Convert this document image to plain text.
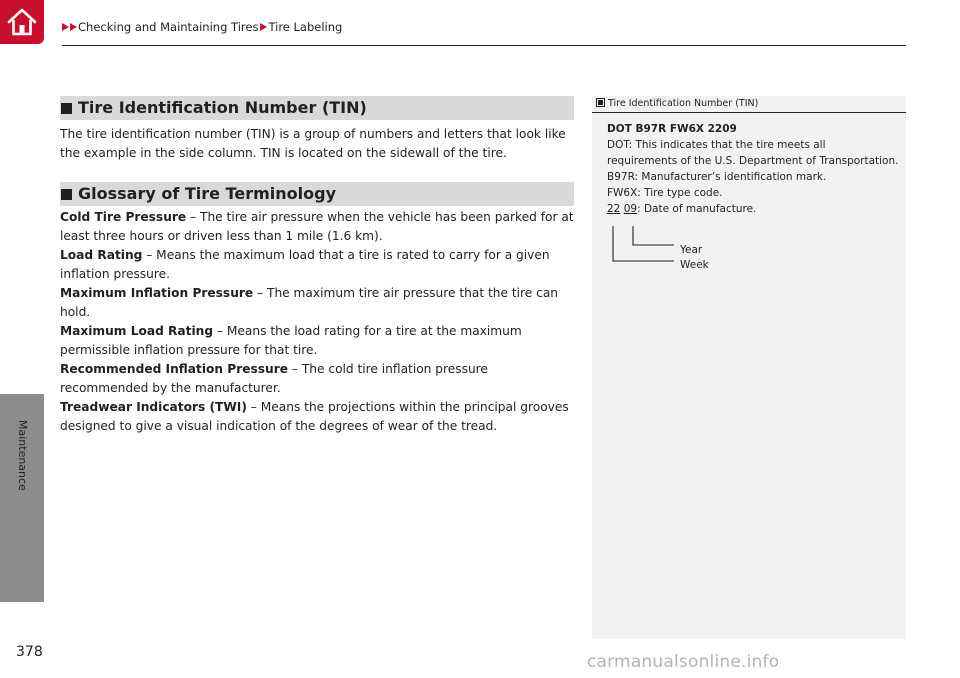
Checking and Maintaining Tires Tire Labeling
Maintenance
378
Tire Identification Number (TIN)
The tire identification number (TIN) is a group of numbers and letters that look like the example in the side column. TIN is located on the sidewall of the tire.
Glossary of Tire Terminology
Cold Tire Pressure – The tire air pressure when the vehicle has been parked for at least three hours or driven less than 1 mile (1.6 km).
Load Rating – Means the maximum load that a tire is rated to carry for a given inflation pressure.
Maximum Inflation Pressure – The maximum tire air pressure that the tire can hold.
Maximum Load Rating – Means the load rating for a tire at the maximum permissible inflation pressure for that tire.
Recommended Inflation Pressure – The cold tire inflation pressure recommended by the manufacturer.
Treadwear Indicators (TWI) – Means the projections within the principal grooves designed to give a visual indication of the degrees of wear of the tread.
Tire Identification Number (TIN)
DOT B97R FW6X 2209
DOT: This indicates that the tire meets all requirements of the U.S. Department of Transportation.
B97R: Manufacturer’s identification mark.
FW6X: Tire type code.
22 09: Date of manufacture.
Year
Week
carmanualsonline.info
